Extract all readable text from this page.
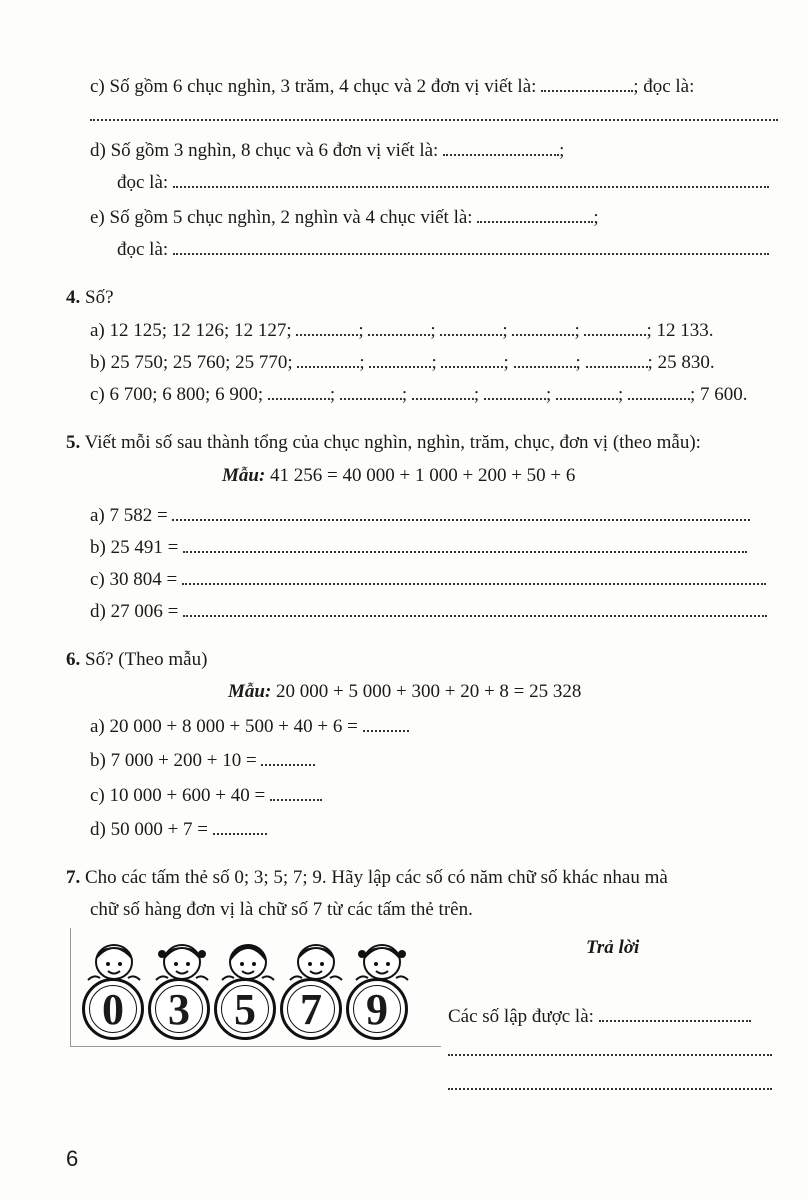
c) Số gồm 6 chục nghìn, 3 trăm, 4 chục và 2 đơn vị viết là:	; đọc là:
d) Số gồm 3 nghìn, 8 chục và 6 đơn vị viết là:	;
đọc là:
e) Số gồm 5 chục nghìn, 2 nghìn và 4 chục viết là:	;
đọc là:
4. Số?
a) 12 125; 12 126; 12 127;	;	;	;	;	; 12 133.
b) 25 750; 25 760; 25 770;	;	;	;	;	; 25 830.
c) 6 700; 6 800; 6 900;	;	;	;	;	;	; 7 600.
5. Viết mỗi số sau thành tổng của chục nghìn, nghìn, trăm, chục, đơn vị (theo mẫu):
Mẫu: 41 256 = 40 000 + 1 000 + 200 + 50 + 6
a) 7 582 =
b) 25 491 =
c) 30 804 =
d) 27 006 =
6. Số? (Theo mẫu)
Mẫu: 20 000 + 5 000 + 300 + 20 + 8 = 25 328
a) 20 000 + 8 000 + 500 + 40 + 6 =
b) 7 000 + 200 + 10 =
c) 10 000 + 600 + 40 =
d) 50 000 + 7 =
7. Cho các tấm thẻ số 0; 3; 5; 7; 9. Hãy lập các số có năm chữ số khác nhau mà
chữ số hàng đơn vị là chữ số 7 từ các tấm thẻ trên.
0	3	5	7	9
Trả lời
Các số lập được là:
6
